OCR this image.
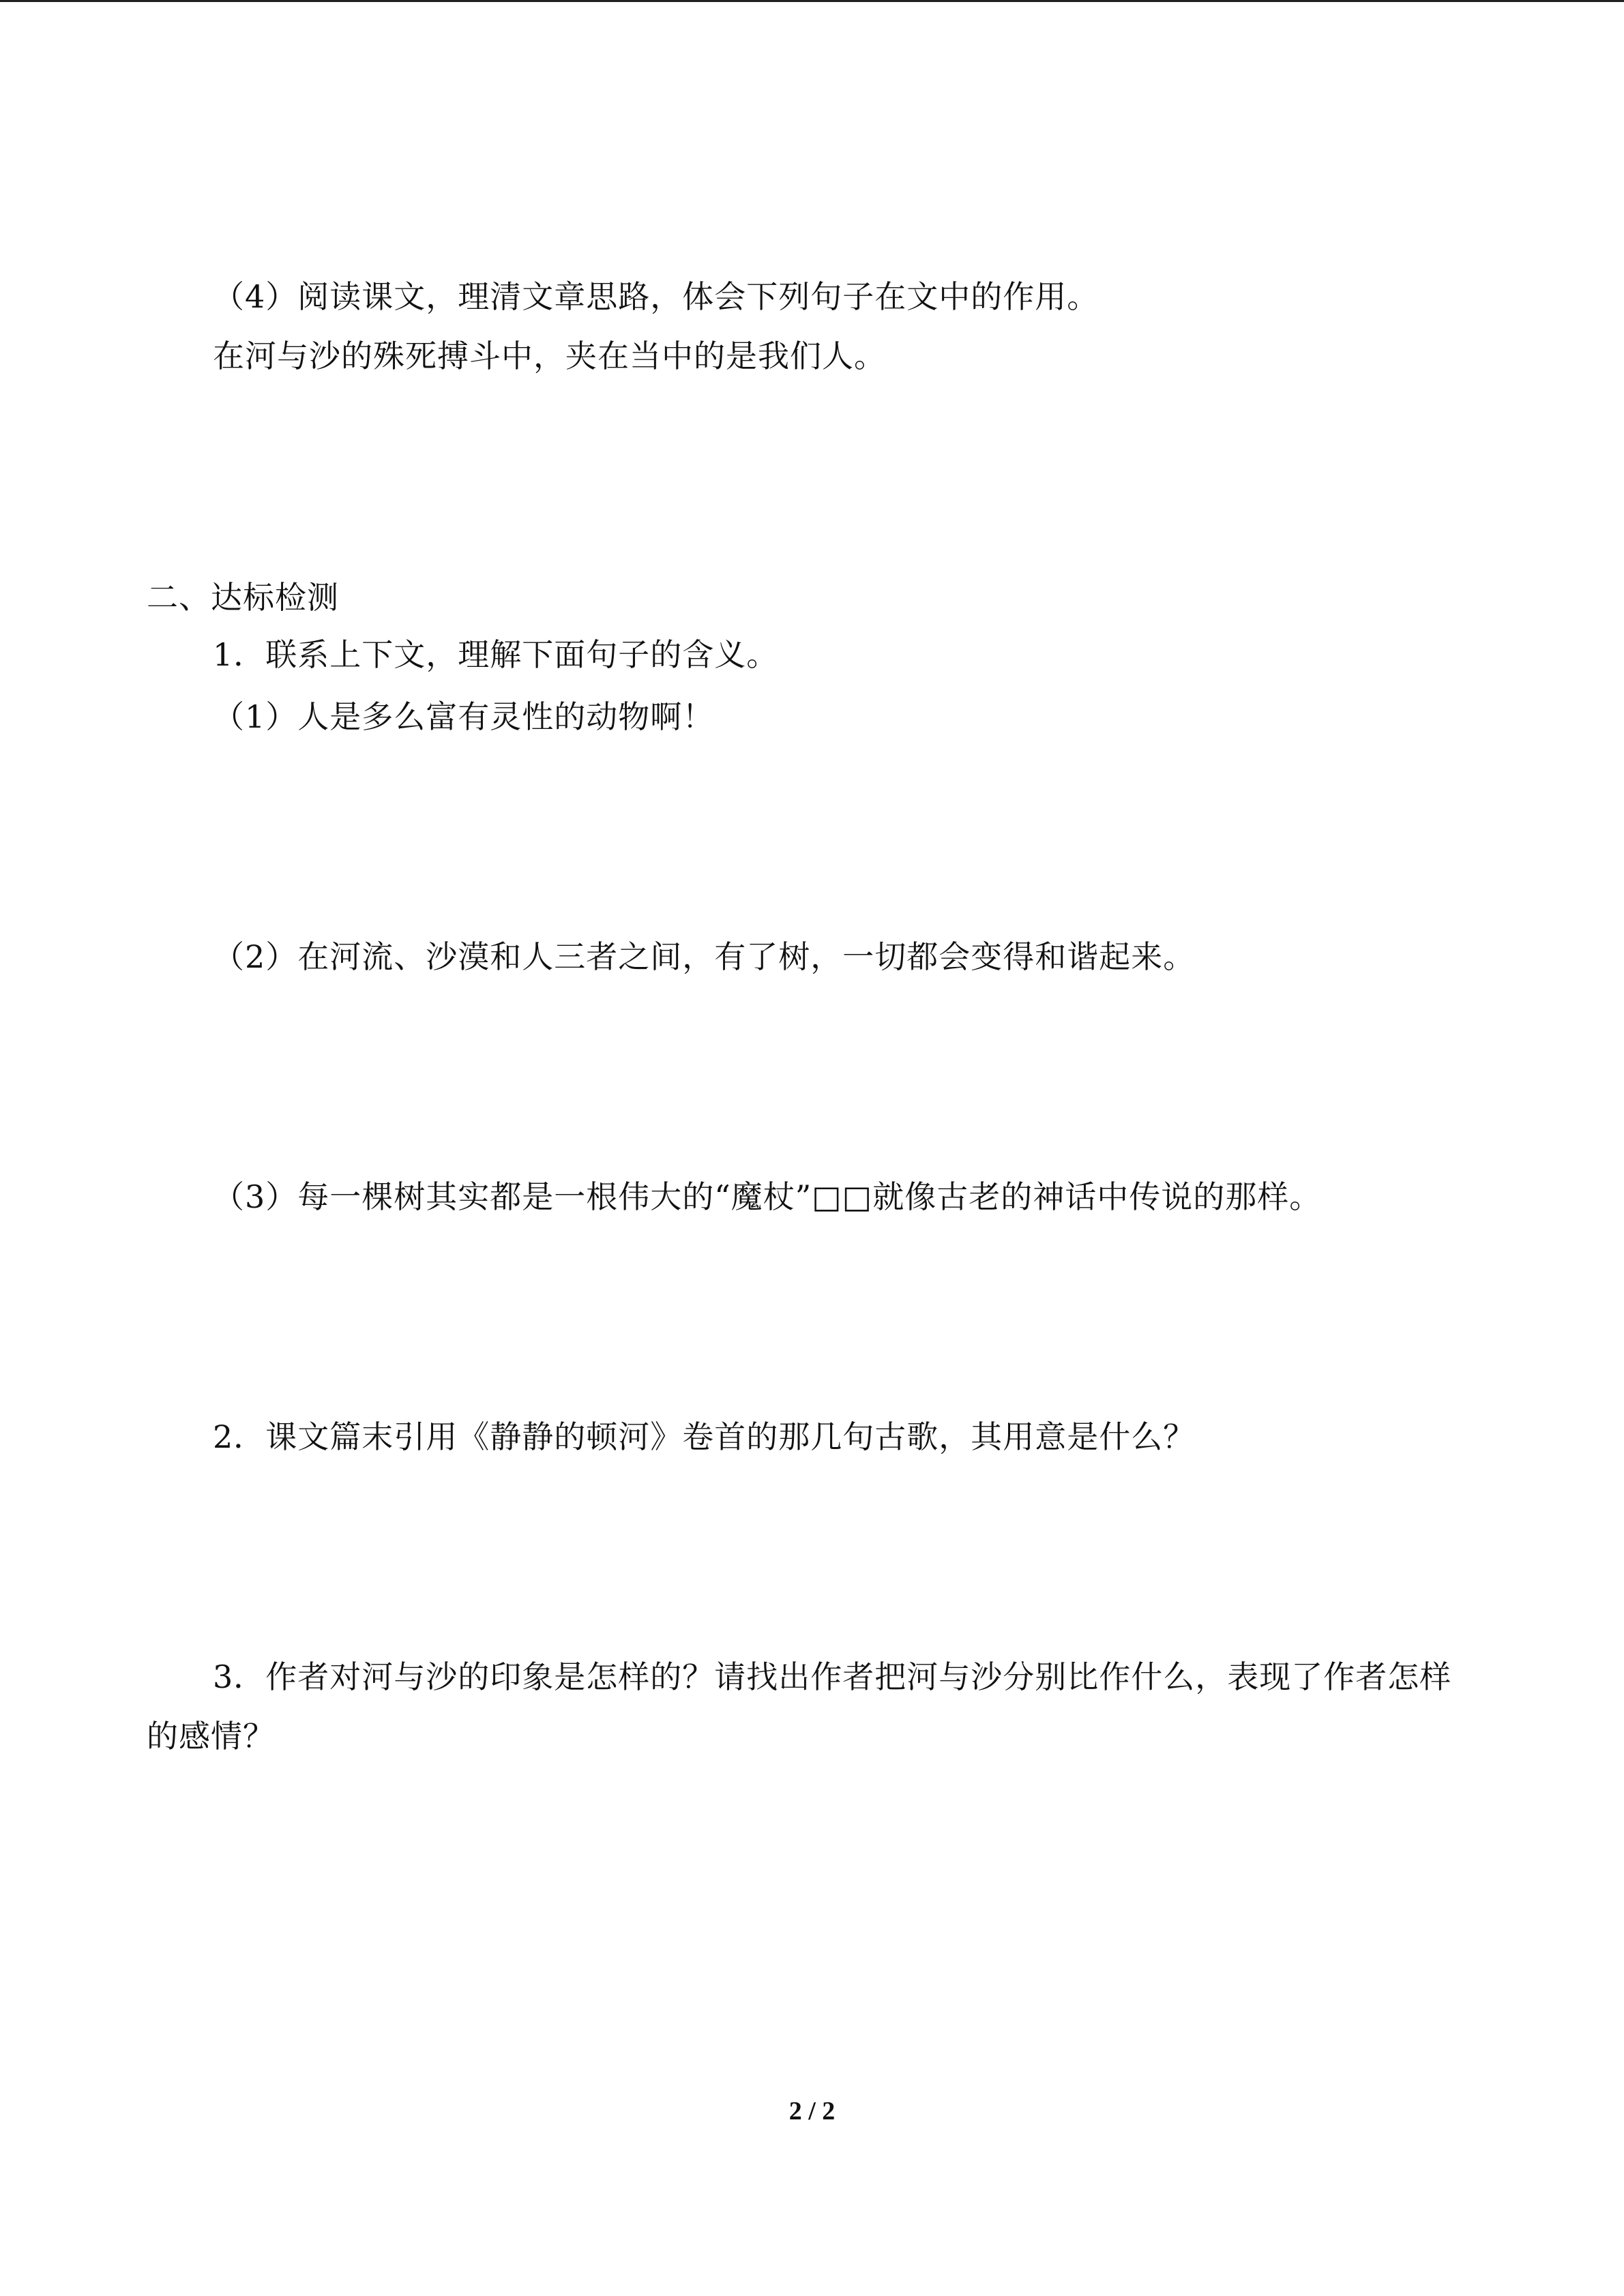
（4）阅读课文，理清文章思路，体会下列句子在文中的作用。
在河与沙的殊死搏斗中，夹在当中的是我们人。
二、达标检测
1．联系上下文，理解下面句子的含义。
（1）人是多么富有灵性的动物啊！
（2）在河流、沙漠和人三者之间，有了树，一切都会变得和谐起来。
（3）每一棵树其实都是一根伟大的“魔杖”□□就像古老的神话中传说的那样。
2．课文篇末引用《静静的顿河》卷首的那几句古歌，其用意是什么？
3．作者对河与沙的印象是怎样的？请找出作者把河与沙分别比作什么，表现了作者怎样
的感情？
2 / 2
